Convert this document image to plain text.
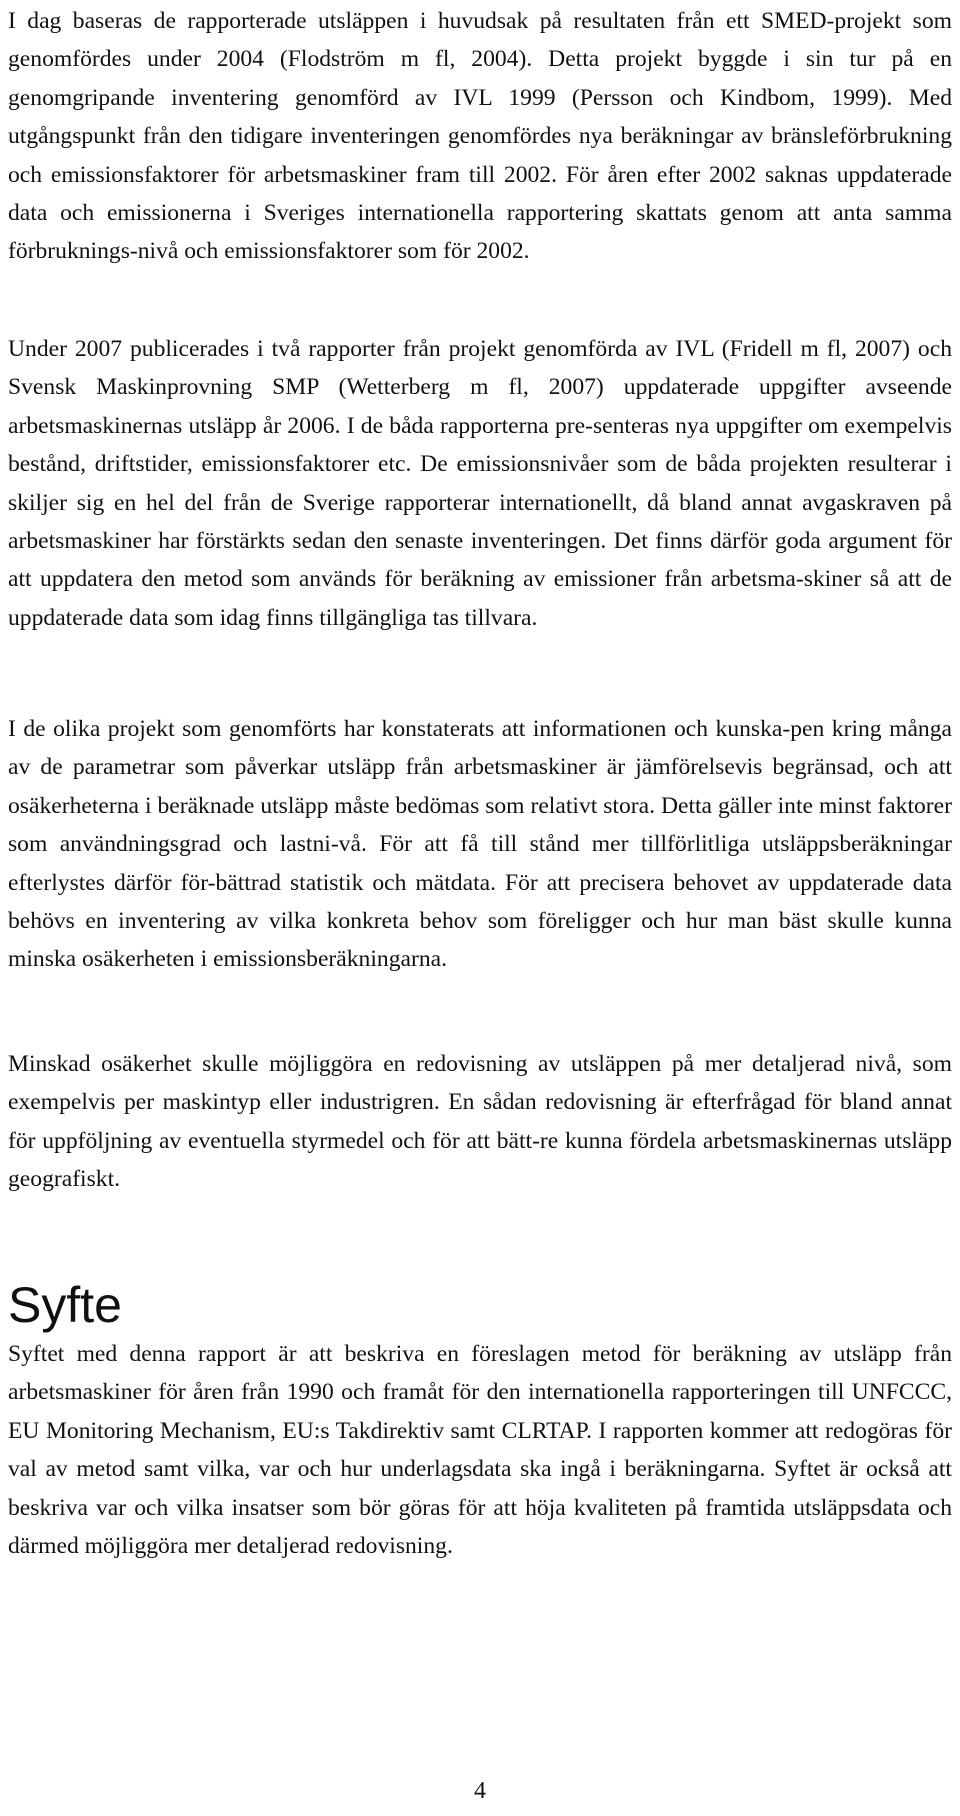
I dag baseras de rapporterade utsläppen i huvudsak på resultaten från ett SMED-projekt som genomfördes under 2004 (Flodström m fl, 2004). Detta projekt byggde i sin tur på en genomgripande inventering genomförd av IVL 1999 (Persson och Kindbom, 1999). Med utgångspunkt från den tidigare inventeringen genomfördes nya beräkningar av bränsleförbrukning och emissionsfaktorer för arbetsmaskiner fram till 2002. För åren efter 2002 saknas uppdaterade data och emissionerna i Sveriges internationella rapportering skattats genom att anta samma förbruknings-nivå och emissionsfaktorer som för 2002.

Under 2007 publicerades i två rapporter från projekt genomförda av IVL (Fridell m fl, 2007) och Svensk Maskinprovning SMP (Wetterberg m fl, 2007) uppdaterade uppgifter avseende arbetsmaskinernas utsläpp år 2006. I de båda rapporterna pre-senteras nya uppgifter om exempelvis bestånd, driftstider, emissionsfaktorer etc. De emissionsnivåer som de båda projekten resulterar i skiljer sig en hel del från de Sverige rapporterar internationellt, då bland annat avgaskraven på arbetsmaskiner har förstärkts sedan den senaste inventeringen. Det finns därför goda argument för att uppdatera den metod som används för beräkning av emissioner från arbetsma-skiner så att de uppdaterade data som idag finns tillgängliga tas tillvara.

I de olika projekt som genomförts har konstaterats att informationen och kunska-pen kring många av de parametrar som påverkar utsläpp från arbetsmaskiner är jämförelsevis begränsad, och att osäkerheterna i beräknade utsläpp måste bedömas som relativt stora. Detta gäller inte minst faktorer som användningsgrad och lastni-vå. För att få till stånd mer tillförlitliga utsläppsberäkningar efterlystes därför för-bättrad statistik och mätdata. För att precisera behovet av uppdaterade data behövs en inventering av vilka konkreta behov som föreligger och hur man bäst skulle kunna minska osäkerheten i emissionsberäkningarna.

Minskad osäkerhet skulle möjliggöra en redovisning av utsläppen på mer detaljerad nivå, som exempelvis per maskintyp eller industrigren. En sådan redovisning är efterfrågad för bland annat för uppföljning av eventuella styrmedel och för att bätt-re kunna fördela arbetsmaskinernas utsläpp geografiskt.

Syfte

Syftet med denna rapport är att beskriva en föreslagen metod för beräkning av utsläpp från arbetsmaskiner för åren från 1990 och framåt för den internationella rapporteringen till UNFCCC, EU Monitoring Mechanism, EU:s Takdirektiv samt CLRTAP. I rapporten kommer att redogöras för val av metod samt vilka, var och hur underlagsdata ska ingå i beräkningarna. Syftet är också att beskriva var och vilka insatser som bör göras för att höja kvaliteten på framtida utsläppsdata och därmed möjliggöra mer detaljerad redovisning.

4
